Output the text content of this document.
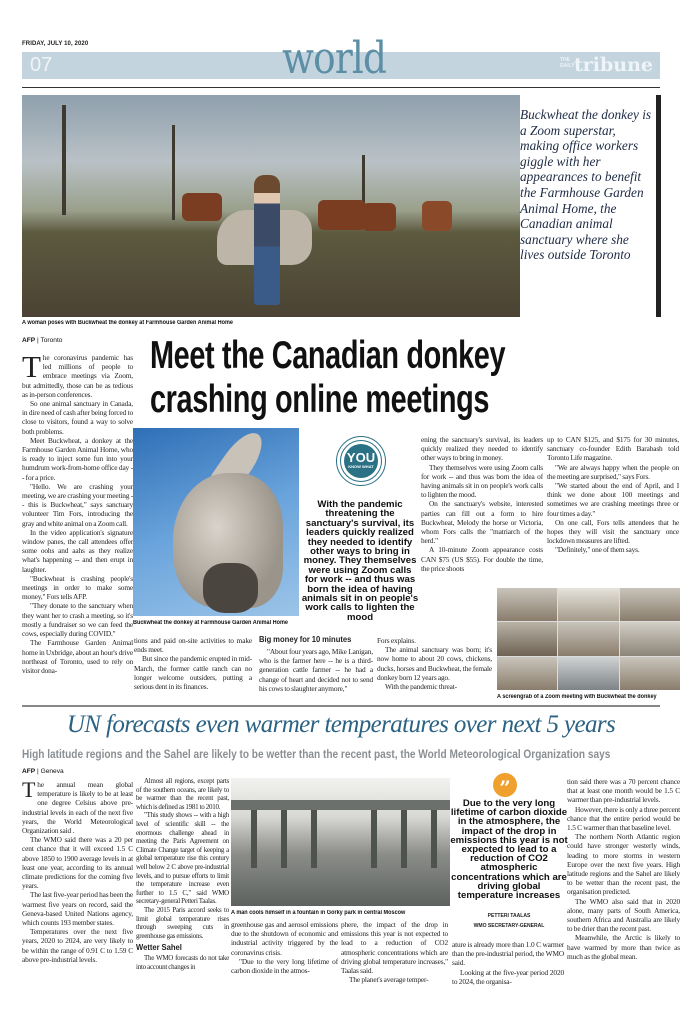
FRIDAY, JULY 10, 2020
07	world	THE DAILY tribune
Buckwheat the donkey is a Zoom superstar, making office workers giggle with her appearances to benefit the Farmhouse Garden Animal Home, the Canadian animal sanctuary where she lives outside Toronto
A woman poses with Buckwheat the donkey at Farmhouse Garden Animal Home
AFP | Toronto Meet the Canadian donkey
crashing online meetings

The coronavirus pandemic has led millions of people to embrace meetings via Zoom, but admittedly, those can be as tedious as in-person conferences.

So one animal sanctuary in Canada, in dire need of cash after being forced to close to visitors, found a way to solve both problems.

Meet Buckwheat, a donkey at the Farmhouse Garden Animal Home, who is ready to inject some fun into your humdrum work-from-home office day -- for a price.

"Hello. We are crashing your meeting, we are crashing your meeting -- this is Buckwheat," says sanctuary volunteer Tim Fors, introducing the gray and white animal on a Zoom call.

In the video application's signature window panes, the call attendees offer some oohs and aahs as they realize what's happening -- and then erupt in laughter.

"Buckwheat is crashing people's meetings in order to make some money," Fors tells AFP.

"They donate to the sanctuary when they want her to crash a meeting, so it's mostly a fundraiser so we can feed the cows, especially during COVID."

The Farmhouse Garden Animal home in Uxbridge, about an hour's drive northeast of Toronto, used to rely on visitor dona-

Buckwheat the donkey at Farmhouse Garden Animal Home

tions and paid on-site activities to make ends meet.

But since the pandemic erupted in mid-March, the former cattle ranch can no longer welcome outsiders, putting a serious dent in its finances.

Big money for 10 minutes

"About four years ago, Mike Lanigan, who is the farmer here -- he is a third-generation cattle farmer -- he had a change of heart and decided not to send his cows to slaughter anymore,"

Fors explains.

The animal sanctuary was born; it's now home to about 20 cows, chickens, ducks, horses and Buckwheat, the female donkey born 12 years ago.

With the pandemic threat-

YOU
KNOW WHAT
With the pandemic threatening the sanctuary's survival, its leaders quickly realized they needed to identify other ways to bring in money. They themselves were using Zoom calls for work -- and thus was born the idea of having animals sit in on people's work calls to lighten the mood

ening the sanctuary's survival, its leaders quickly realized they needed to identify other ways to bring in money.

They themselves were using Zoom calls for work -- and thus was born the idea of having animals sit in on people's work calls to lighten the mood.

On the sanctuary's website, interested parties can fill out a form to hire Buckwheat, Melody the horse or Victoria, whom Fors calls the "matriarch of the herd."

A 10-minute Zoom appearance costs CAN $75 (US $55). For double the time, the price shoots

up to CAN $125, and $175 for 30 minutes, sanctuary co-founder Edith Barabash told Toronto Life magazine.

"We are always happy when the people on the meeting are surprised," says Fors.

"We started about the end of April, and I think we done about 100 meetings and sometimes we are crashing meetings three or four times a day."

On one call, Fors tells attendees that he hopes they will visit the sanctuary once lockdown measures are lifted.

"Definitely," one of them says.

A screengrab of a Zoom meeting with Buckwheat the donkey
UN forecasts even warmer temperatures over next 5 years
High latitude regions and the Sahel are likely to be wetter than the recent past, the World Meteorological Organization says
AFP | Geneva

The annual mean global temperature is likely to be at least one degree Celsius above pre-industrial levels in each of the next five years, the World Meteorological Organization said .

The WMO said there was a 20 per cent chance that it will exceed 1.5 C above 1850 to 1900 average levels in at least one year, according to its annual climate predictions for the coming five years.

The last five-year period has been the warmest five years on record, said the Geneva-based United Nations agency, which counts 193 member states.

Temperatures over the next five years, 2020 to 2024, are very likely to be within the range of 0.91 C to 1.59 C above pre-industrial levels.

Almost all regions, except parts of the southern oceans, are likely to be warmer than the recent past, which is defined as 1981 to 2010.

"This study shows -- with a high level of scientific skill -- the enormous challenge ahead in meeting the Paris Agreement on Climate Change target of keeping a global temperature rise this century well below 2 C above pre-industrial levels, and to pursue efforts to limit the temperature increase even further to 1.5 C," said WMO secretary-general Petteri Taalas.

The 2015 Paris accord seeks to limit global temperature rises through sweeping cuts in greenhouse gas emissions.

Wetter Sahel

The WMO forecasts do not take into account changes in

A man cools himself in a fountain in Gorky park in central Moscow

greenhouse gas and aerosol emissions due to the shutdown of economic and industrial activity triggered by the coronavirus crisis.

"Due to the very long lifetime of carbon dioxide in the atmos-

phere, the impact of the drop in emissions this year is not expected to lead to a reduction of CO2 atmospheric concentrations which are driving global temperature increases," Taalas said.

The planet's average temper-

”
Due to the very long lifetime of carbon dioxide in the atmosphere, the impact of the drop in emissions this year is not expected to lead to a reduction of CO2 atmospheric concentrations which are driving global temperature increases
PETTERI TAALAS
WMO SECRETARY-GENERAL

ature is already more than 1.0 C warmer than the pre-industrial period, the WMO said.

Looking at the five-year period 2020 to 2024, the organisa-

tion said there was a 70 percent chance that at least one month would be 1.5 C warmer than pre-industrial levels.

However, there is only a three percent chance that the entire period would be 1.5 C warmer than that baseline level.

The northern North Atlantic region could have stronger westerly winds, leading to more storms in western Europe over the next five years. High latitude regions and the Sahel are likely to be wetter than the recent past, the organisation predicted.

The WMO also said that in 2020 alone, many parts of South America, southern Africa and Australia are likely to be drier than the recent past.

Meanwhile, the Arctic is likely to have warmed by more than twice as much as the global mean.
